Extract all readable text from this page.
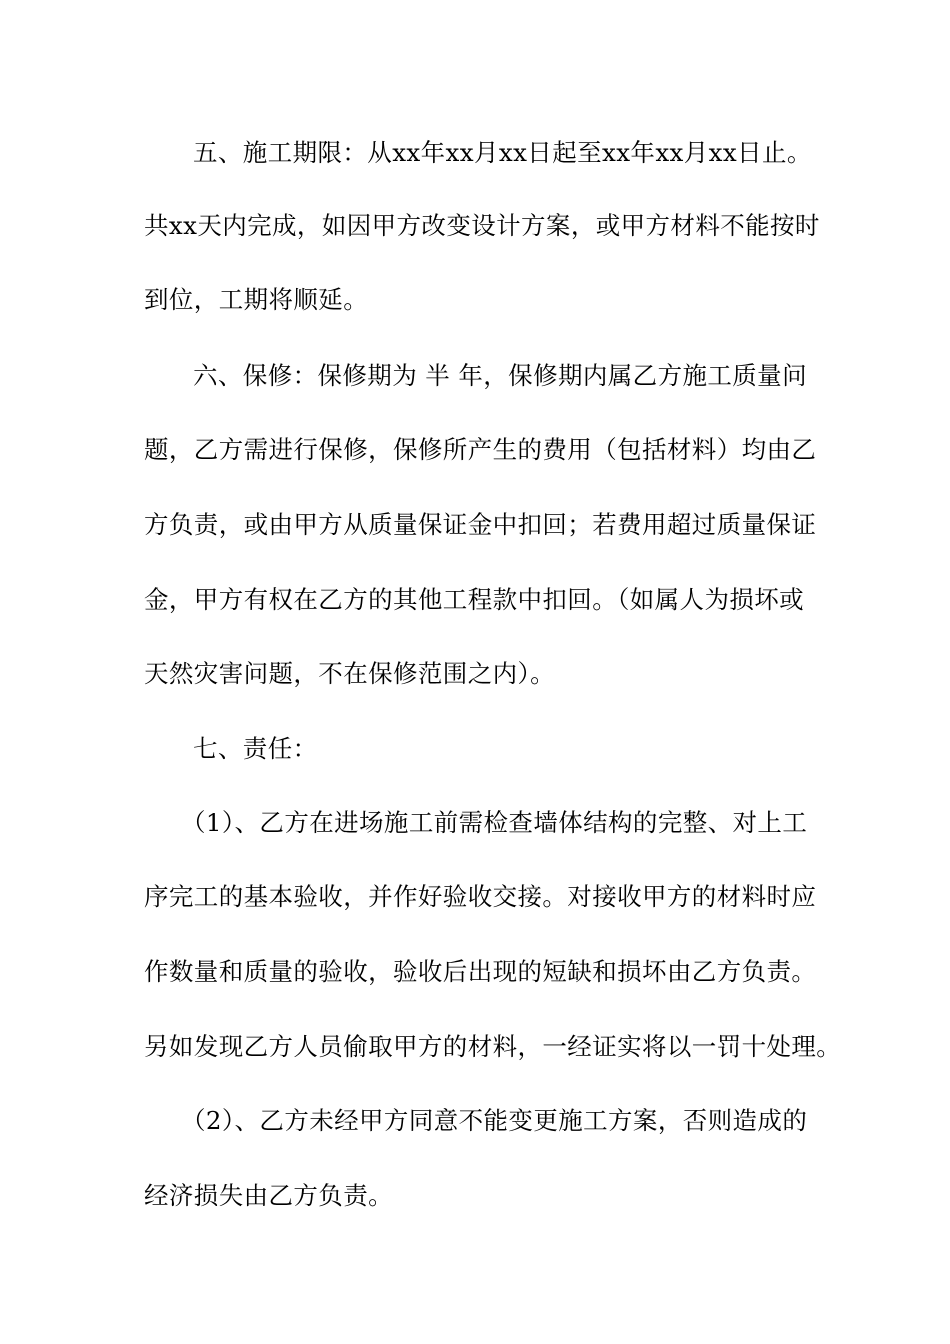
五、施工期限：从xx年xx月xx日起至xx年xx月xx日止。
共xx天内完成，如因甲方改变设计方案，或甲方材料不能按时
到位，工期将顺延。
六、保修：保修期为 半 年，保修期内属乙方施工质量问
题，乙方需进行保修，保修所产生的费用（包括材料）均由乙
方负责，或由甲方从质量保证金中扣回；若费用超过质量保证
金，甲方有权在乙方的其他工程款中扣回。（如属人为损坏或
天然灾害问题，不在保修范围之内）。
七、责任：
（1）、乙方在进场施工前需检查墙体结构的完整、对上工
序完工的基本验收，并作好验收交接。对接收甲方的材料时应
作数量和质量的验收，验收后出现的短缺和损坏由乙方负责。
另如发现乙方人员偷取甲方的材料，一经证实将以一罚十处理。
（2）、乙方未经甲方同意不能变更施工方案，否则造成的
经济损失由乙方负责。
